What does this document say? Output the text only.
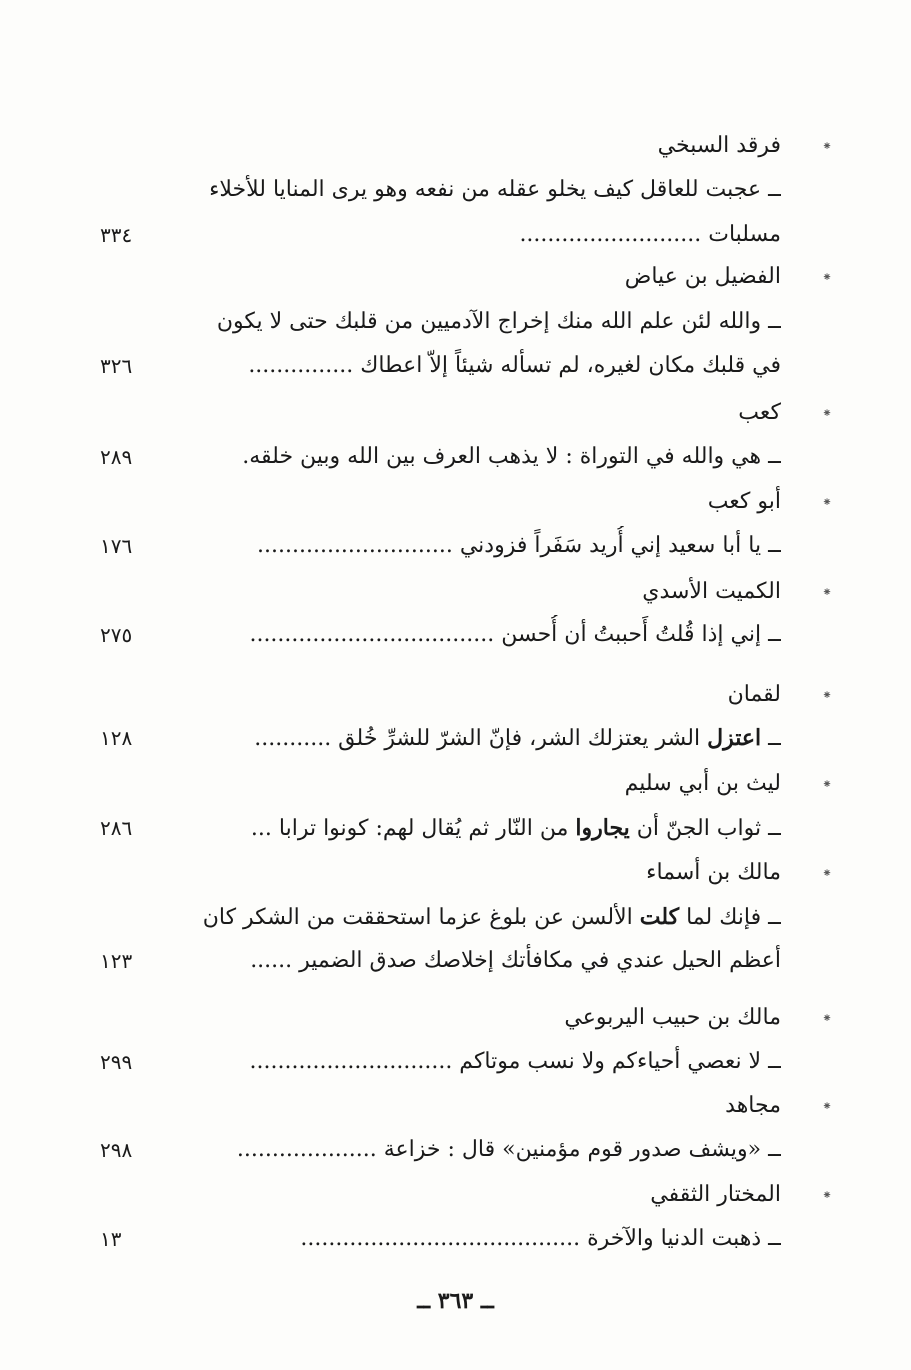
⁕
فرقد السبخي
ــ عجبت للعاقل كيف يخلو عقله من نفعه وهو يرى المنايا للأخلاء
مسلبات ..........................
٣٣٤
⁕
الفضيل بن عياض
ــ والله لئن علم الله منك إخراج الآدميين من قلبك حتى لا يكون
في قلبك مكان لغيره، لم تسأله شيئاً إلاّ اعطاك ...............
٣٢٦
⁕
كعب
ــ هي والله في التوراة : لا يذهب العرف بين الله وبين خلقه.
٢٨٩
⁕
أبو كعب
ــ يا أبا سعيد إني أُريد سَفَراً فزودني ............................
١٧٦
⁕
الكميت الأسدي
ــ إني إذا قُلتُ أَحببتُ أن أُحسن ...................................
٢٧٥
⁕
لقمان
ــ اعتزل الشر يعتزلك الشر، فإنّ الشرّ للشرِّ خُلق ...........
١٢٨
⁕
ليث بن أبي سليم
ــ ثواب الجنّ أن يجاروا من النّار ثم يُقال لهم: كونوا ترابا ...
٢٨٦
⁕
مالك بن أسماء
ــ فإنك لما كلت الألسن عن بلوغ عزما استحققت من الشكر كان
أعظم الحيل عندي في مكافأتك إخلاصك صدق الضمير ......
١٢٣
⁕
مالك بن حبيب اليربوعي
ــ لا نعصي أحياءكم ولا نسب موتاكم .............................
٢٩٩
⁕
مجاهد
ــ «ويشف صدور قوم مؤمنين» قال : خزاعة ....................
٢٩٨
⁕
المختار الثقفي
ــ ذهبت الدنيا والآخرة ........................................
١٣
ــ ٣٦٣ ــ
